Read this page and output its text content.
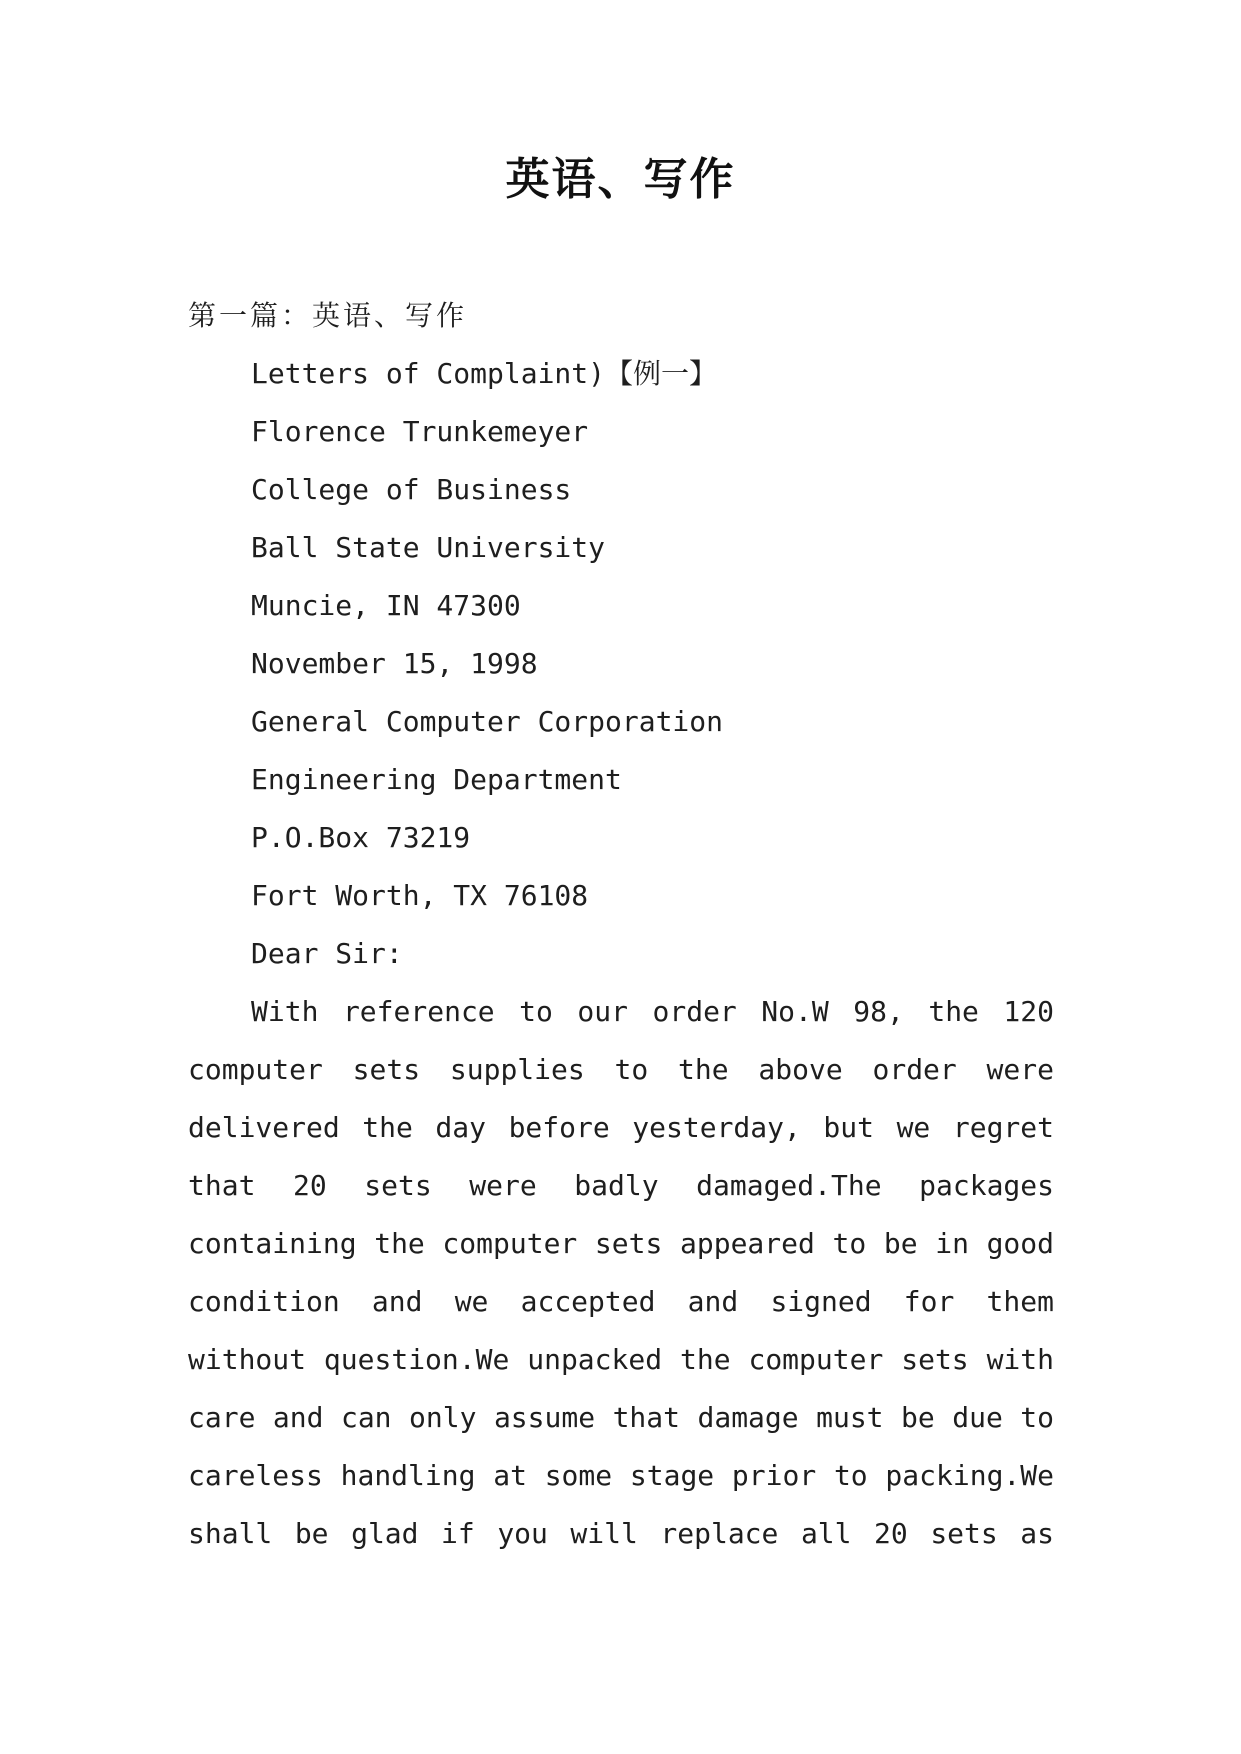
英语、写作
第一篇：英语、写作
Letters of Complaint)【例一】
Florence Trunkemeyer
College of Business
Ball State University
Muncie, IN 47300
November 15, 1998
General Computer Corporation
Engineering Department
P.O.Box 73219
Fort Worth, TX 76108
Dear Sir:
With reference to our order No.W 98, the 120
computer sets supplies to the above order were
delivered the day before yesterday, but we regret
that 20 sets were badly damaged.The packages
containing the computer sets appeared to be in good
condition and we accepted and signed for them
without question.We unpacked the computer sets with
care and can only assume that damage must be due to
careless handling at some stage prior to packing.We
shall be glad if you will replace all 20 sets as
